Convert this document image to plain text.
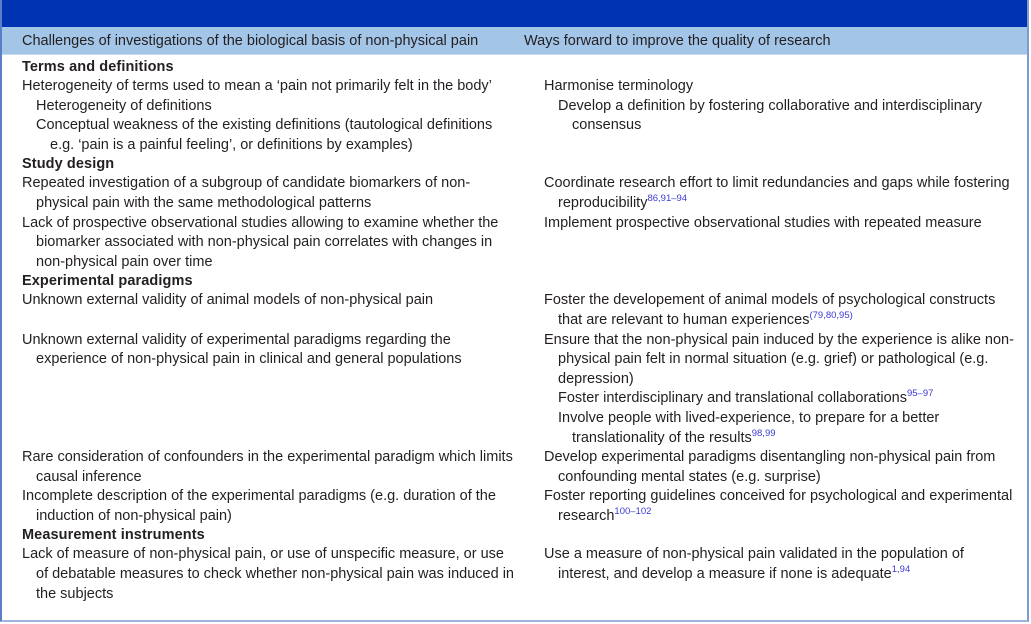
Challenges of investigations of the biological basis of non-physical pain	Ways forward to improve the quality of research
Terms and definitions
Heterogeneity of terms used to mean a ‘pain not primarily felt in the body’
Heterogeneity of definitions
Conceptual weakness of the existing definitions (tautological definitions e.g. ‘pain is a painful feeling’, or definitions by examples)
Harmonise terminology
Develop a definition by fostering collaborative and interdisciplinary consensus
Study design
Repeated investigation of a subgroup of candidate biomarkers of non-physical pain with the same methodological patterns
Coordinate research effort to limit redundancies and gaps while fostering reproducibility$^{86,91-94}$
Lack of prospective observational studies allowing to examine whether the biomarker associated with non-physical pain correlates with changes in non-physical pain over time
Implement prospective observational studies with repeated measure
Experimental paradigms
Unknown external validity of animal models of non-physical pain	Foster the developement of animal models of psychological constructs that are relevant to human experiences$^{(79,80,95)}$
Unknown external validity of experimental paradigms regarding the experience of non-physical pain in clinical and general populations
Ensure that the non-physical pain induced by the experience is alike non-physical pain felt in normal situation (e.g. grief) or pathological (e.g. depression)
Foster interdisciplinary and translational collaborations$^{95-97}$
Involve people with lived-experience, to prepare for a better translationality of the results$^{98,99}$
Rare consideration of confounders in the experimental paradigm which limits causal inference
Develop experimental paradigms disentangling non-physical pain from confounding mental states (e.g. surprise)
Incomplete description of the experimental paradigms (e.g. duration of the induction of non-physical pain)
Foster reporting guidelines conceived for psychological and experimental research$^{100-102}$
Measurement instruments
Lack of measure of non-physical pain, or use of unspecific measure, or use of debatable measures to check whether non-physical pain was induced in the subjects
Use a measure of non-physical pain validated in the population of interest, and develop a measure if none is adequate$^{1,94}$
